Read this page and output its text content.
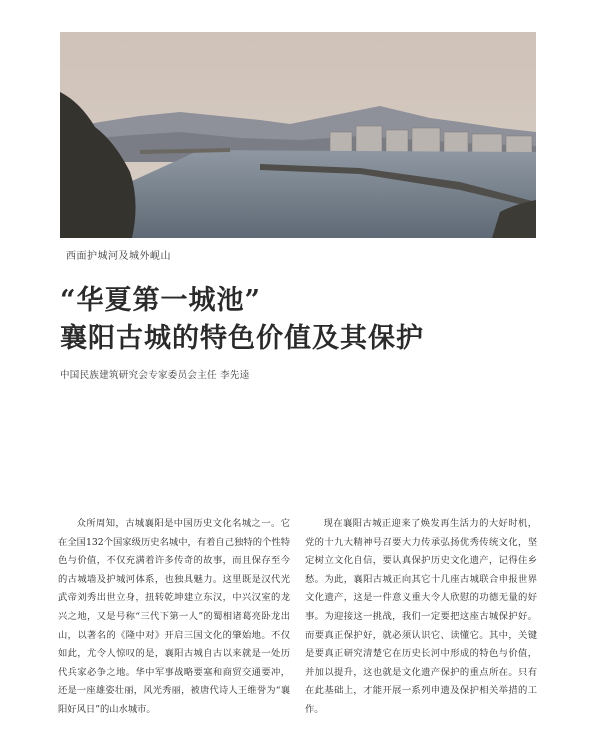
西面护城河及城外岘山
“华夏第一城池”
襄阳古城的特色价值及其保护
中国民族建筑研究会专家委员会主任 李先逵

众所周知，古城襄阳是中国历史文化名城之一。它在全国132个国家级历史名城中，有着自己独特的个性特色与价值，不仅充满着许多传奇的故事，而且保存至今的古城墙及护城河体系，也独具魅力。这里既是汉代光武帝刘秀出世立身，扭转乾坤建立东汉，中兴汉室的龙兴之地，又是号称“三代下第一人”的蜀相诸葛亮卧龙出山，以著名的《隆中对》开启三国文化的肇始地。不仅如此，尤令人惊叹的是，襄阳古城自古以来就是一处历代兵家必争之地。华中军事战略要塞和商贸交通要冲，还是一座雄姿壮丽，风光秀丽，被唐代诗人王维誉为“襄阳好风日”的山水城市。

现在襄阳古城正迎来了焕发再生活力的大好时机，党的十九大精神号召要大力传承弘扬优秀传统文化，坚定树立文化自信，要认真保护历史文化遗产，记得住乡愁。为此，襄阳古城正向其它十几座古城联合申报世界文化遗产，这是一件意义重大令人欣慰的功德无量的好事。为迎接这一挑战，我们一定要把这座古城保护好。而要真正保护好，就必须认识它、读懂它。其中，关键是要真正研究清楚它在历史长河中形成的特色与价值，并加以提升，这也就是文化遗产保护的重点所在。只有在此基础上，才能开展一系列申遗及保护相关举措的工作。
